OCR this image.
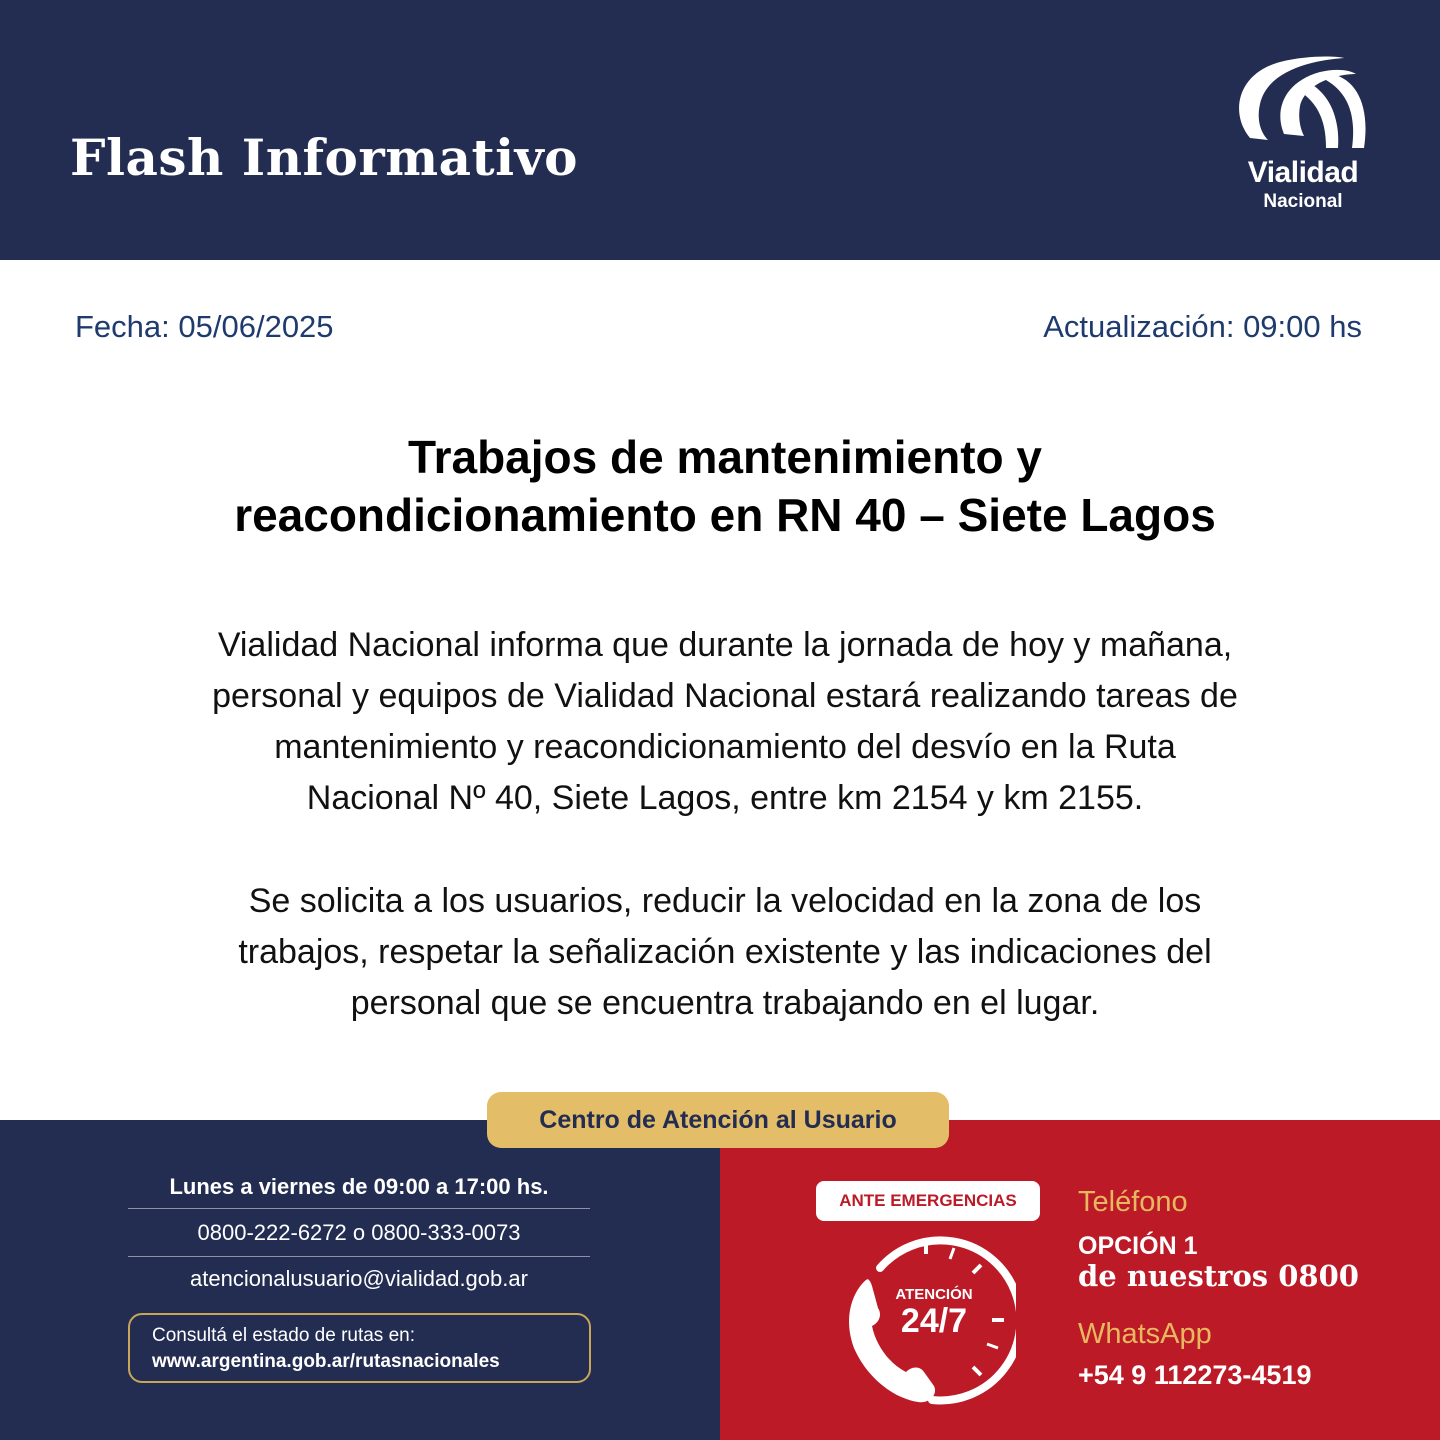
Flash Informativo	Vialidad
Nacional
Fecha: 05/06/2025	Actualización: 09:00 hs
Trabajos de mantenimiento y
reacondicionamiento en RN 40 – Siete Lagos
Vialidad Nacional informa que durante la jornada de hoy y mañana,
personal y equipos de Vialidad Nacional estará realizando tareas de
mantenimiento y reacondicionamiento del desvío en la Ruta
Nacional Nº 40, Siete Lagos, entre km 2154 y km 2155.
Se solicita a los usuarios, reducir la velocidad en la zona de los
trabajos, respetar la señalización existente y las indicaciones del
personal que se encuentra trabajando en el lugar.
Centro de Atención al Usuario
Lunes a viernes de 09:00 a 17:00 hs.
0800-222-6272 o 0800-333-0073
atencionalusuario@vialidad.gob.ar
Consultá el estado de rutas en:
www.argentina.gob.ar/rutasnacionales
ANTE EMERGENCIAS
ATENCIÓN
24/7
Teléfono
OPCIÓN 1
de nuestros 0800
WhatsApp
+54 9 112273-4519
